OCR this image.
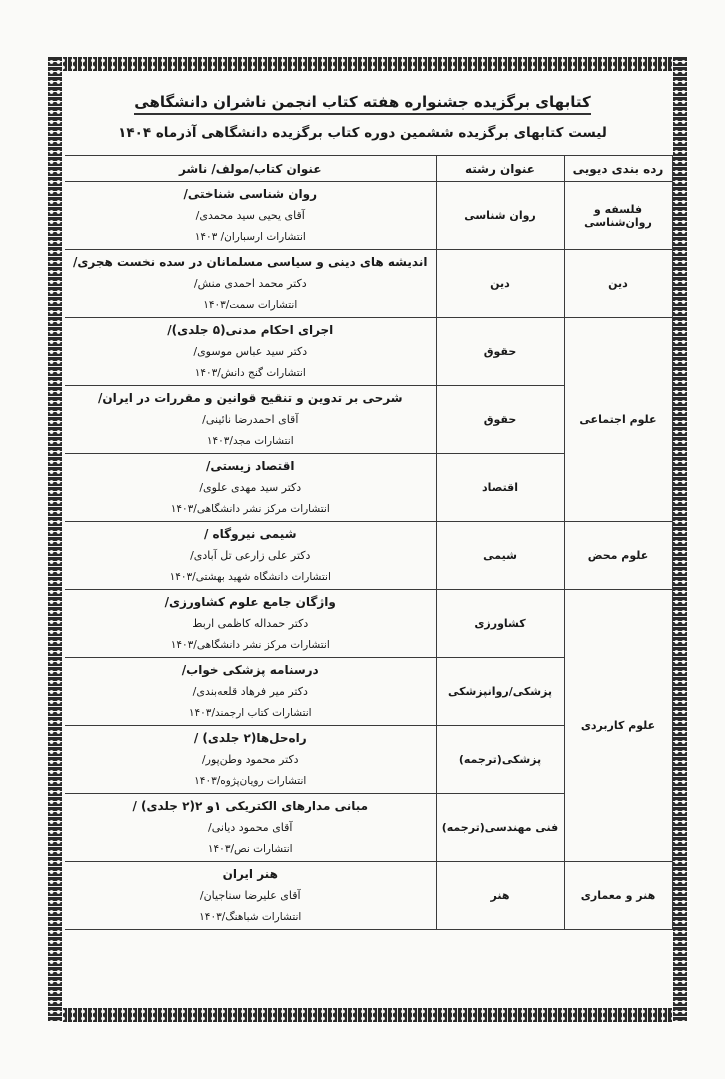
کتابهای برگزیده جشنواره هفته کتاب انجمن ناشران دانشگاهی
لیست کتابهای برگزیده ششمین دوره کتاب برگزیده دانشگاهی آذرماه ۱۴۰۴
رده بندی دیویی	عنوان رشته	عنوان کتاب/مولف/ ناشر
فلسفه و روان‌شناسی	روان شناسی	روان شناسی شناختی/
آقای یحیی سید محمدی/
انتشارات ارسباران/ ۱۴۰۳

دین	دین	اندیشه های دینی و سیاسی مسلمانان در سده نخست هجری/
دکتر محمد احمدی منش/
انتشارات سمت/۱۴۰۳

علوم اجتماعی	حقوق	اجرای احکام مدنی(۵ جلدی)/
دکتر سید عباس موسوی/
انتشارات گنج دانش/۱۴۰۳

	حقوق	شرحی بر تدوین و تنقیح قوانین و مقررات در ایران/
آقای احمدرضا نائینی/
انتشارات مجد/۱۴۰۳

	اقتصاد	اقتصاد زیستی/
دکتر سید مهدی علوی/
انتشارات مرکز نشر دانشگاهی/۱۴۰۳

علوم محض	شیمی	شیمی نیروگاه /
دکتر علی زارعی تل آبادی/
انتشارات دانشگاه شهید بهشتی/۱۴۰۳

علوم کاربردی	کشاورزی	واژگان جامع علوم کشاورزی/
دکتر حمداله کاظمی اربط
انتشارات مرکز نشر دانشگاهی/۱۴۰۳

	پزشکی/روانپزشکی	درسنامه پزشکی خواب/
دکتر میر فرهاد قلعه‌بندی/
انتشارات کتاب ارجمند/۱۴۰۳

	پزشکی(ترجمه)	راه‌حل‌ها(۲ جلدی) /
دکتر محمود وطن‌پور/
انتشارات رویان‌پژوه/۱۴۰۳

	فنی مهندسی(ترجمه)	مبانی مدارهای الکتریکی ۱و ۲(۲ جلدی) /
آقای محمود دیانی/
انتشارات نص/۱۴۰۳

هنر و معماری	هنر	هنر ایران
آقای علیرضا سناجیان/
انتشارات شباهنگ/۱۴۰۳
